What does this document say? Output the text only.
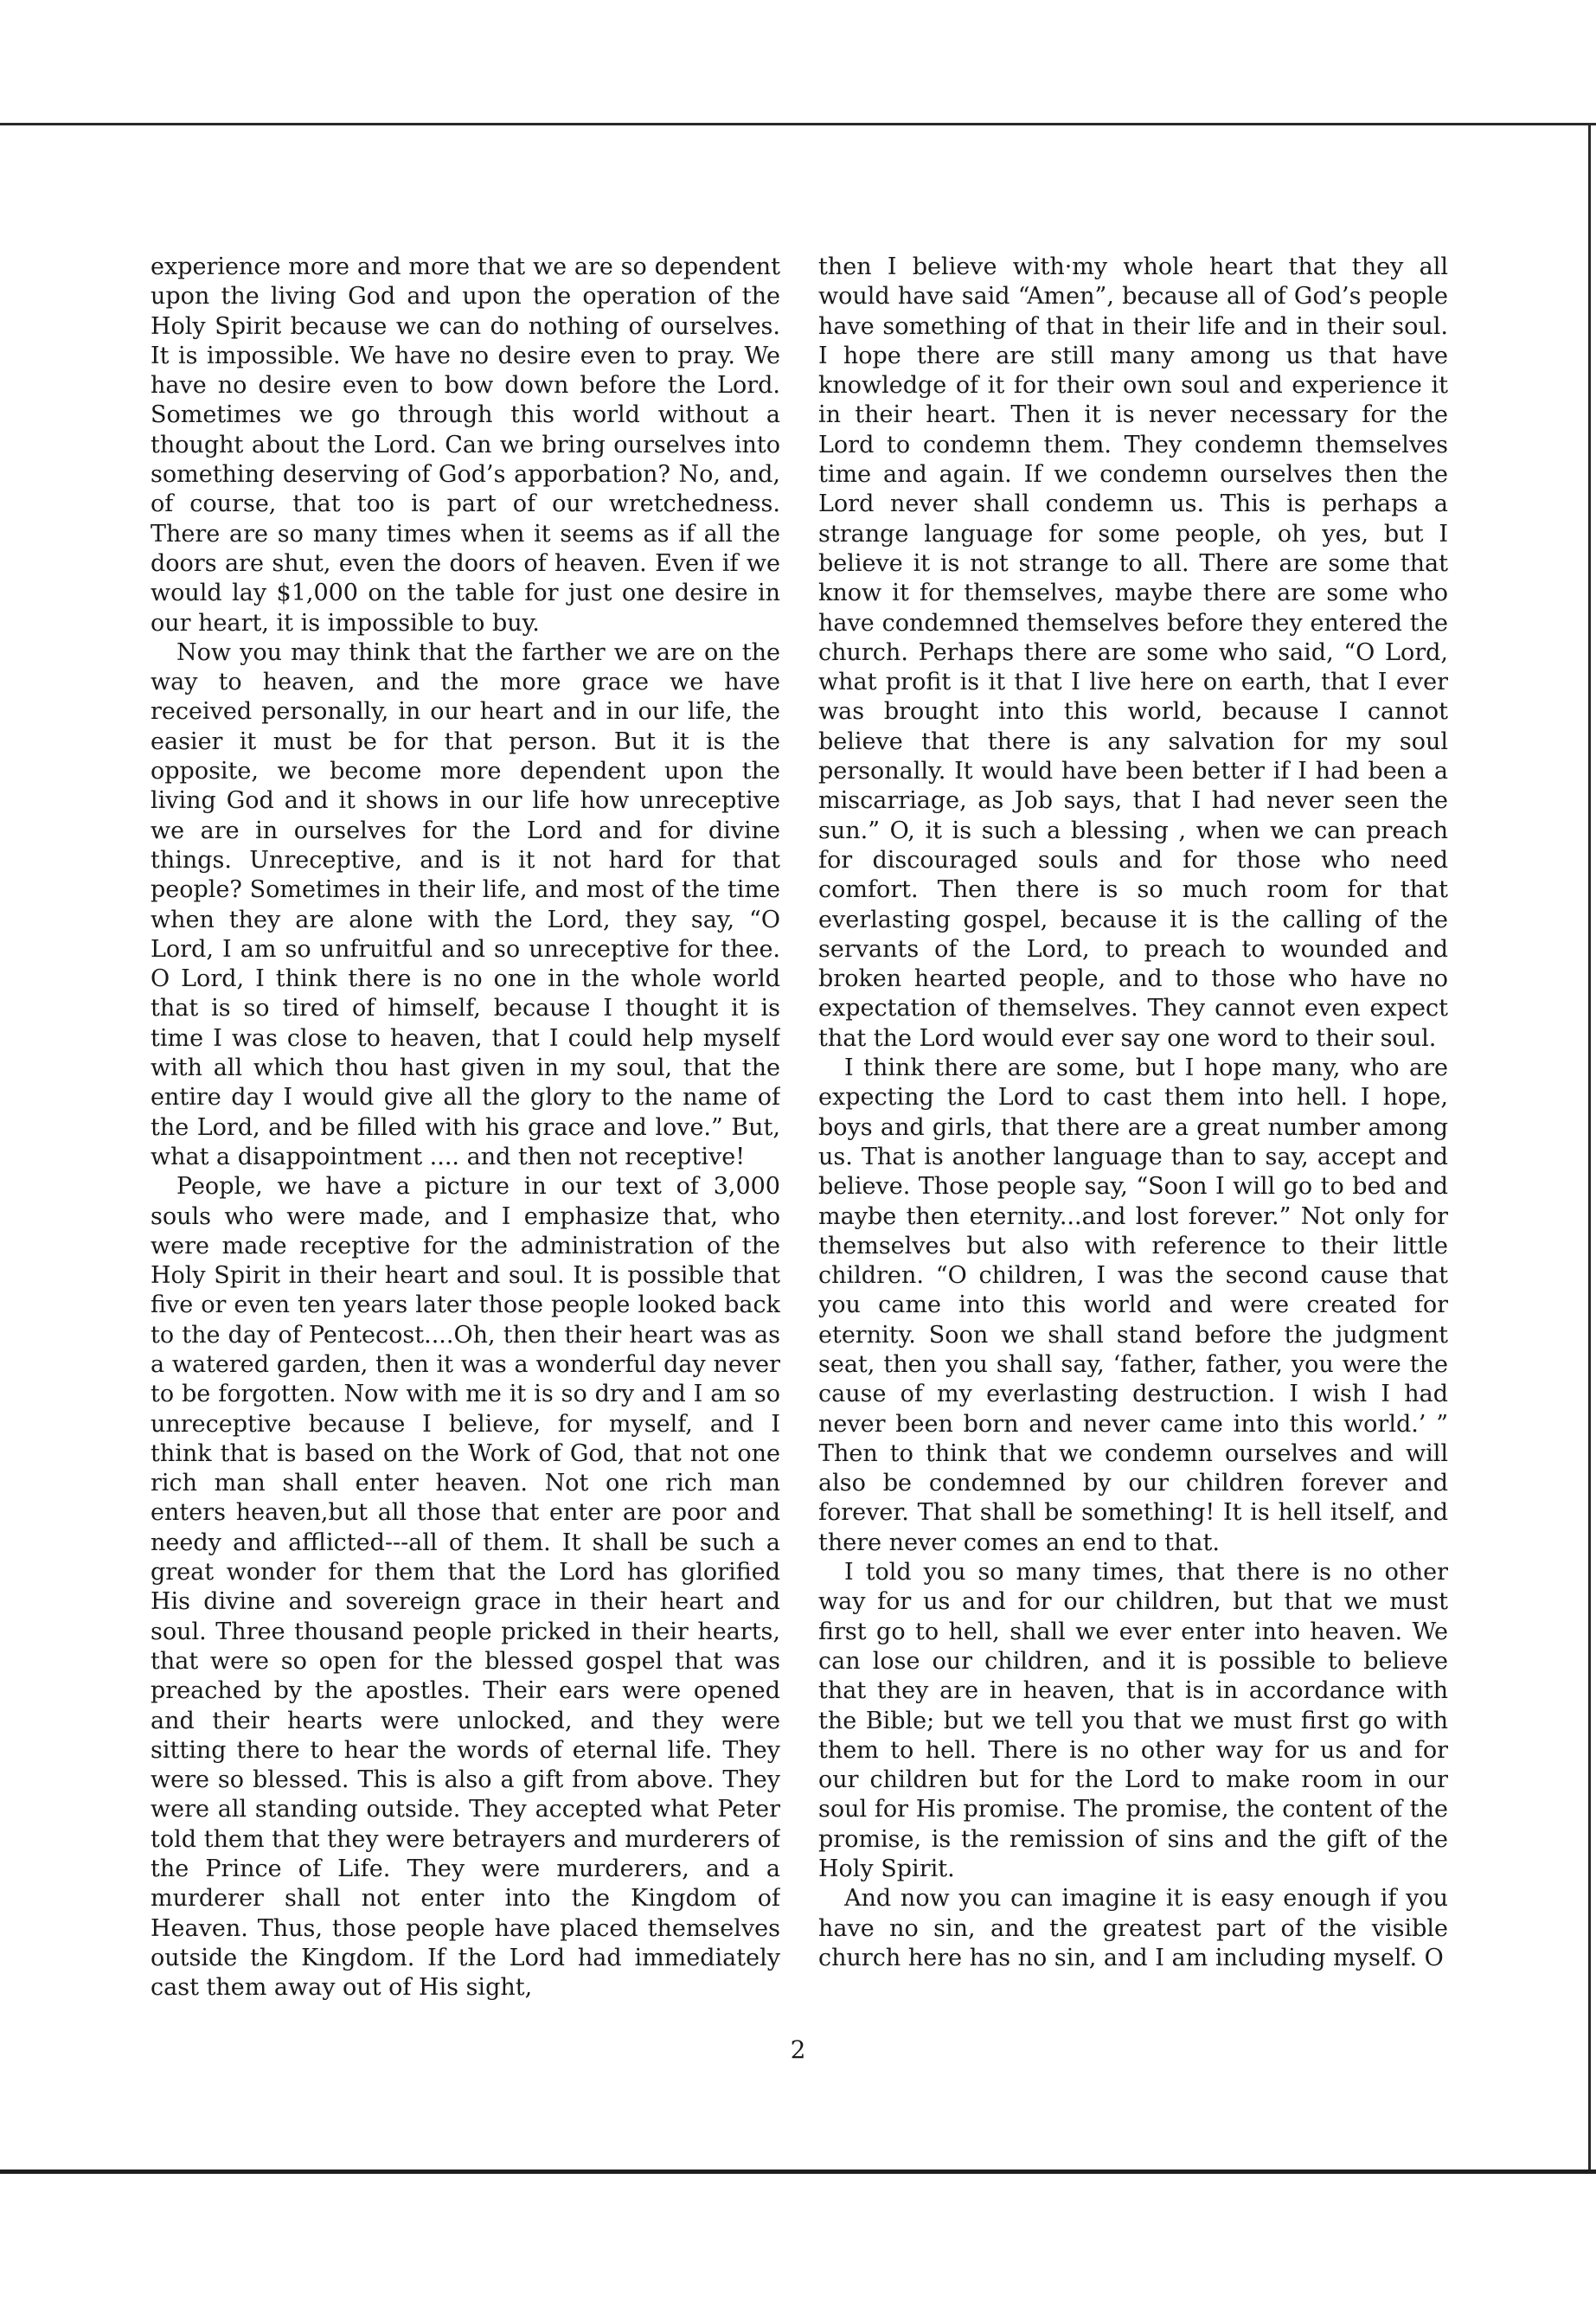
experience more and more that we are so dependent upon the living God and upon the operation of the Holy Spirit because we can do nothing of ourselves. It is impossible. We have no desire even to pray. We have no desire even to bow down before the Lord. Sometimes we go through this world without a thought about the Lord. Can we bring ourselves into something deserving of God’s apporbation? No, and, of course, that too is part of our wretchedness. There are so many times when it seems as if all the doors are shut, even the doors of heaven. Even if we would lay $1,000 on the table for just one desire in our heart, it is impossible to buy.

Now you may think that the farther we are on the way to heaven, and the more grace we have received personally, in our heart and in our life, the easier it must be for that person. But it is the opposite, we become more dependent upon the living God and it shows in our life how unreceptive we are in ourselves for the Lord and for divine things. Unreceptive, and is it not hard for that people? Sometimes in their life, and most of the time when they are alone with the Lord, they say, “O Lord, I am so unfruitful and so unreceptive for thee. O Lord, I think there is no one in the whole world that is so tired of himself, because I thought it is time I was close to heaven, that I could help myself with all which thou hast given in my soul, that the entire day I would give all the glory to the name of the Lord, and be filled with his grace and love.” But, what a disappointment .... and then not receptive!

People, we have a picture in our text of 3,000 souls who were made, and I emphasize that, who were made receptive for the administration of the Holy Spirit in their heart and soul. It is possible that five or even ten years later those people looked back to the day of Pentecost....Oh, then their heart was as a watered garden, then it was a wonderful day never to be forgotten. Now with me it is so dry and I am so unreceptive because I believe, for myself, and I think that is based on the Work of God, that not one rich man shall enter heaven. Not one rich man enters heaven,but all those that enter are poor and needy and afflicted---all of them. It shall be such a great wonder for them that the Lord has glorified His divine and sovereign grace in their heart and soul. Three thousand people pricked in their hearts, that were so open for the blessed gospel that was preached by the apostles. Their ears were opened and their hearts were unlocked, and they were sitting there to hear the words of eternal life. They were so blessed. This is also a gift from above. They were all standing outside. They accepted what Peter told them that they were betrayers and murderers of the Prince of Life. They were murderers, and a murderer shall not enter into the Kingdom of Heaven. Thus, those people have placed themselves outside the Kingdom. If the Lord had immediately cast them away out of His sight,

then I believe with·my whole heart that they all would have said “Amen”, because all of God’s people have something of that in their life and in their soul. I hope there are still many among us that have knowledge of it for their own soul and experience it in their heart. Then it is never necessary for the Lord to condemn them. They condemn themselves time and again. If we condemn ourselves then the Lord never shall condemn us. This is perhaps a strange language for some people, oh yes, but I believe it is not strange to all. There are some that know it for themselves, maybe there are some who have condemned themselves before they entered the church. Perhaps there are some who said, “O Lord, what profit is it that I live here on earth, that I ever was brought into this world, because I cannot believe that there is any salvation for my soul personally. It would have been better if I had been a miscarriage, as Job says, that I had never seen the sun.” O, it is such a blessing , when we can preach for discouraged souls and for those who need comfort. Then there is so much room for that everlasting gospel, because it is the calling of the servants of the Lord, to preach to wounded and broken hearted people, and to those who have no expectation of themselves. They cannot even expect that the Lord would ever say one word to their soul.

I think there are some, but I hope many, who are expecting the Lord to cast them into hell. I hope, boys and girls, that there are a great number among us. That is another language than to say, accept and believe. Those people say, “Soon I will go to bed and maybe then eternity...and lost forever.” Not only for themselves but also with reference to their little children. “O children, I was the second cause that you came into this world and were created for eternity. Soon we shall stand before the judgment seat, then you shall say, ‘father, father, you were the cause of my everlasting destruction. I wish I had never been born and never came into this world.’ ” Then to think that we condemn ourselves and will also be condemned by our children forever and forever. That shall be something! It is hell itself, and there never comes an end to that.

I told you so many times, that there is no other way for us and for our children, but that we must first go to hell, shall we ever enter into heaven. We can lose our children, and it is possible to believe that they are in heaven, that is in accordance with the Bible; but we tell you that we must first go with them to hell. There is no other way for us and for our children but for the Lord to make room in our soul for His promise. The promise, the content of the promise, is the remission of sins and the gift of the Holy Spirit.

And now you can imagine it is easy enough if you have no sin, and the greatest part of the visible church here has no sin, and I am including myself. O

2
